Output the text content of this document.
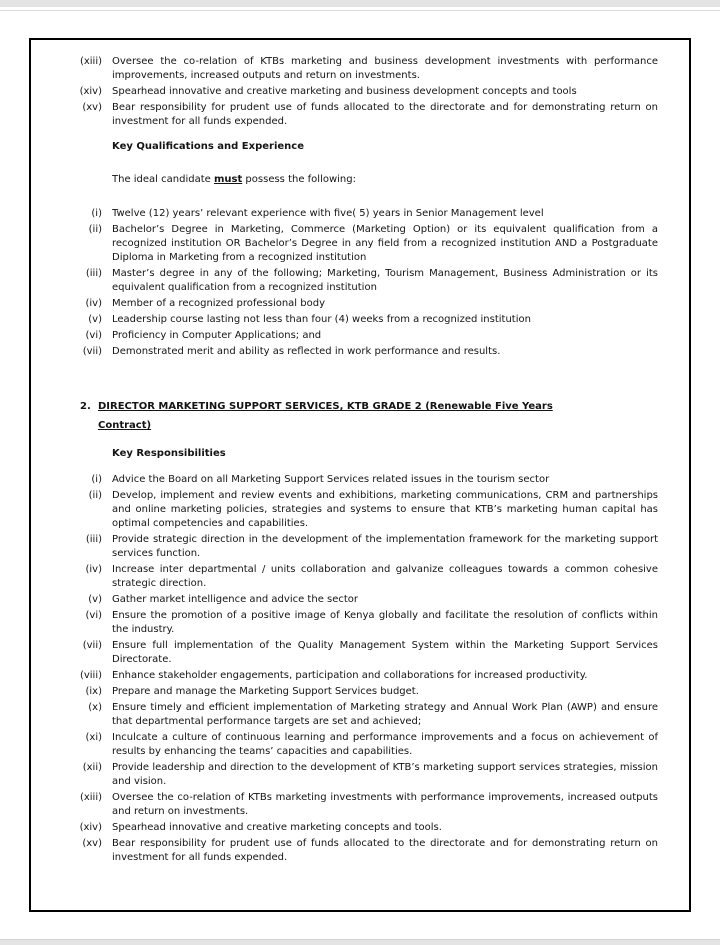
(xiii) Oversee the co-relation of KTBs marketing and business development investments with performance improvements, increased outputs and return on investments.
(xiv) Spearhead innovative and creative marketing and business development concepts and tools
(xv) Bear responsibility for prudent use of funds allocated to the directorate and for demonstrating return on investment for all funds expended.
Key Qualifications and Experience
The ideal candidate must possess the following:
(i) Twelve (12) years’ relevant experience with five( 5) years in Senior Management level
(ii) Bachelor’s Degree in Marketing, Commerce (Marketing Option) or its equivalent qualification from a recognized institution OR Bachelor’s Degree in any field from a recognized institution AND a Postgraduate Diploma in Marketing from a recognized institution
(iii) Master’s degree in any of the following; Marketing, Tourism Management, Business Administration or its equivalent qualification from a recognized institution
(iv) Member of a recognized professional body
(v) Leadership course lasting not less than four (4) weeks from a recognized institution
(vi) Proficiency in Computer Applications; and
(vii) Demonstrated merit and ability as reflected in work performance and results.
2. DIRECTOR MARKETING SUPPORT SERVICES, KTB GRADE 2 (Renewable Five Years Contract)
Key Responsibilities
(i) Advice the Board on all Marketing Support Services related issues in the tourism sector
(ii) Develop, implement and review events and exhibitions, marketing communications, CRM and partnerships and online marketing policies, strategies and systems to ensure that KTB’s marketing human capital has optimal competencies and capabilities.
(iii) Provide strategic direction in the development of the implementation framework for the marketing support services function.
(iv) Increase inter departmental / units collaboration and galvanize colleagues towards a common cohesive strategic direction.
(v) Gather market intelligence and advice the sector
(vi) Ensure the promotion of a positive image of Kenya globally and facilitate the resolution of conflicts within the industry.
(vii) Ensure full implementation of the Quality Management System within the Marketing Support Services Directorate.
(viii) Enhance stakeholder engagements, participation and collaborations for increased productivity.
(ix) Prepare and manage the Marketing Support Services budget.
(x) Ensure timely and efficient implementation of Marketing strategy and Annual Work Plan (AWP) and ensure that departmental performance targets are set and achieved;
(xi) Inculcate a culture of continuous learning and performance improvements and a focus on achievement of results by enhancing the teams’ capacities and capabilities.
(xii) Provide leadership and direction to the development of KTB’s marketing support services strategies, mission and vision.
(xiii) Oversee the co-relation of KTBs marketing investments with performance improvements, increased outputs and return on investments.
(xiv) Spearhead innovative and creative marketing concepts and tools.
(xv) Bear responsibility for prudent use of funds allocated to the directorate and for demonstrating return on investment for all funds expended.
